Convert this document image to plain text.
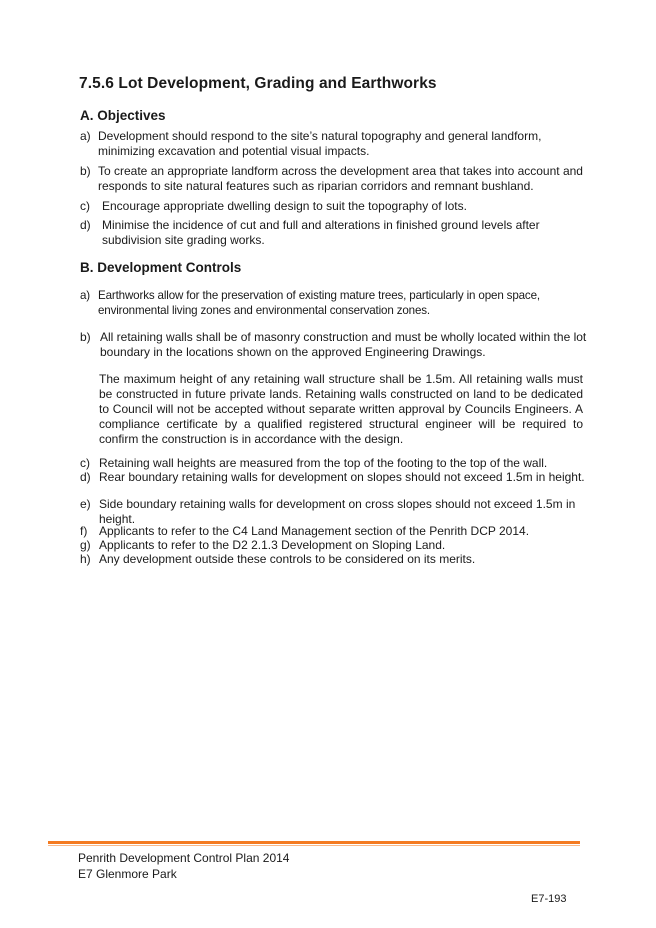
7.5.6 Lot Development, Grading and Earthworks
A. Objectives
a) Development should respond to the site’s natural topography and general landform, minimizing excavation and potential visual impacts.
b) To create an appropriate landform across the development area that takes into account and responds to site natural features such as riparian corridors and remnant bushland.
c)	Encourage appropriate dwelling design to suit the topography of lots.
d) Minimise the incidence of cut and full and alterations in finished ground levels after subdivision site grading works.
B. Development Controls
a) Earthworks allow for the preservation of existing mature trees, particularly in open space, environmental living zones and environmental conservation zones.
b) All retaining walls shall be of masonry construction and must be wholly located within the lot boundary in the locations shown on the approved Engineering Drawings.
The maximum height of any retaining wall structure shall be 1.5m. All retaining walls must be constructed in future private lands. Retaining walls constructed on land to be dedicated to Council will not be accepted without separate written approval by Councils Engineers. A compliance certificate by a qualified registered structural engineer will be required to confirm the construction is in accordance with the design.
c) Retaining wall heights are measured from the top of the footing to the top of the wall.
d) Rear boundary retaining walls for development on slopes should not exceed 1.5m in height.
e) Side boundary retaining walls for development on cross slopes should not exceed 1.5m in height.
f) Applicants to refer to the C4 Land Management section of the Penrith DCP 2014.
g) Applicants to refer to the D2 2.1.3 Development on Sloping Land.
h) Any development outside these controls to be considered on its merits.
Penrith Development Control Plan 2014
E7 Glenmore Park
E7-193
